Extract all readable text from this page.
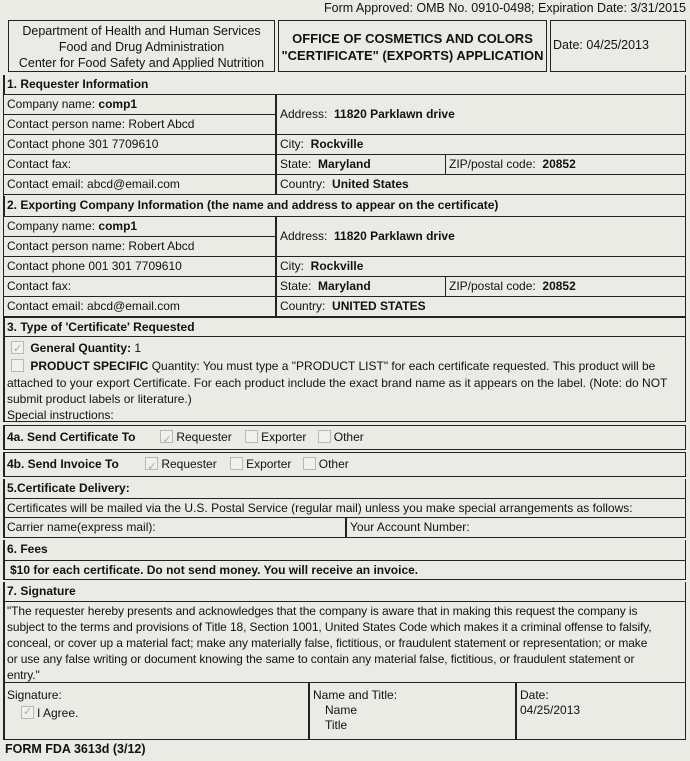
Form Approved: OMB No. 0910-0498; Expiration Date: 3/31/2015
Department of Health and Human Services
Food and Drug Administration
Center for Food Safety and Applied Nutrition
OFFICE OF COSMETICS AND COLORS
"CERTIFICATE" (EXPORTS) APPLICATION
Date: 04/25/2013
1. Requester Information
Company name: comp1
Contact person name: Robert Abcd
Contact phone 301 7709610
Contact fax:
Contact email: abcd@email.com
Address: 11820 Parklawn drive
City: Rockville
State: Maryland	ZIP/postal code: 20852
Country: United States
2. Exporting Company Information (the name and address to appear on the certificate)
Company name: comp1
Contact person name: Robert Abcd
Contact phone 001 301 7709610
Contact fax:
Contact email: abcd@email.com
Address: 11820 Parklawn drive
City: Rockville
State: Maryland	ZIP/postal code: 20852
Country: UNITED STATES
3. Type of 'Certificate' Requested
✓ General Quantity: 1
PRODUCT SPECIFIC Quantity: You must type a "PRODUCT LIST" for each certificate requested. This product will be
attached to your export Certificate. For each product include the exact brand name as it appears on the label. (Note: do NOT
submit product labels or literature.)
Special instructions:
4a. Send Certificate To ✓	Requester Exporter Other
4b. Send Invoice To ✓	Requester Exporter Other
5.Certificate Delivery:
Certificates will be mailed via the U.S. Postal Service (regular mail) unless you make special arrangements as follows:
Carrier name(express mail):	Your Account Number:
6. Fees
$10 for each certificate. Do not send money. You will receive an invoice.
7. Signature
"The requester hereby presents and acknowledges that the company is aware that in making this request the company is
subject to the terms and provisions of Title 18, Section 1001, United States Code which makes it a criminal offense to falsify,
conceal, or cover up a material fact; make any materially false, fictitious, or fraudulent statement or representation; or make
or use any false writing or document knowing the same to contain any material false, fictitious, or fraudulent statement or
entry."
Signature:
✓I Agree.
Name and Title:
Name
Title
Date:
04/25/2013
FORM FDA 3613d (3/12)
